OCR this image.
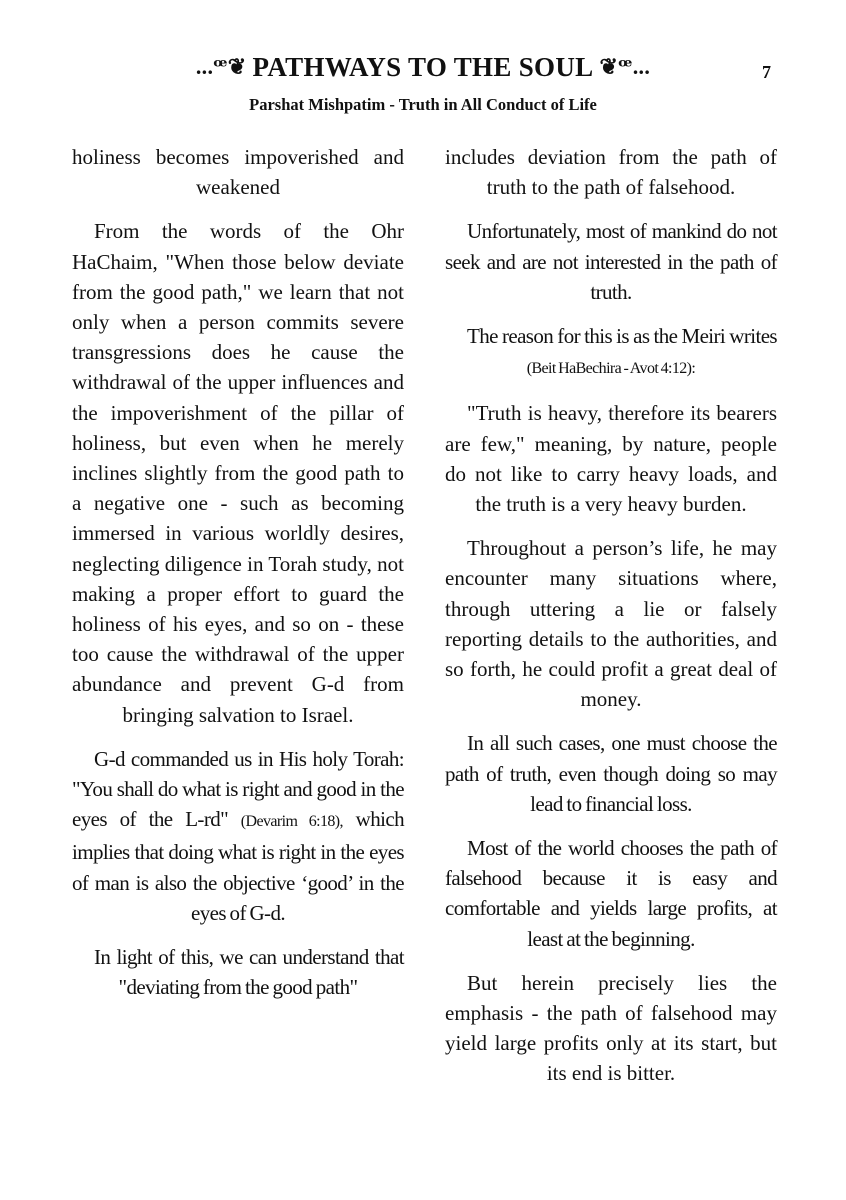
...ꟹ❦ PATHWAYS TO THE SOUL ❦ꟹ...	7
Parshat Mishpatim - Truth in All Conduct of Life

holiness becomes impoverished and weakened

From the words of the Ohr HaChaim, "When those below deviate from the good path," we learn that not only when a person commits severe transgressions does he cause the withdrawal of the upper influences and the impoverishment of the pillar of holiness, but even when he merely inclines slightly from the good path to a negative one - such as becoming immersed in various worldly desires, neglecting diligence in Torah study, not making a proper effort to guard the holiness of his eyes, and so on - these too cause the withdrawal of the upper abundance and prevent G-d from bringing salvation to Israel.

G-d commanded us in His holy Torah: "You shall do what is right and good in the eyes of the L-rd" (Devarim 6:18), which implies that doing what is right in the eyes of man is also the objective ‘good’ in the eyes of G-d.

In light of this, we can understand that "deviating from the good path"

includes deviation from the path of truth to the path of falsehood.

Unfortunately, most of mankind do not seek and are not interested in the path of truth.

The reason for this is as the Meiri writes (Beit HaBechira - Avot 4:12):

"Truth is heavy, therefore its bearers are few," meaning, by nature, people do not like to carry heavy loads, and the truth is a very heavy burden.

Throughout a person’s life, he may encounter many situations where, through uttering a lie or falsely reporting details to the authorities, and so forth, he could profit a great deal of money.

In all such cases, one must choose the path of truth, even though doing so may lead to financial loss.

Most of the world chooses the path of falsehood because it is easy and comfortable and yields large profits, at least at the beginning.

But herein precisely lies the emphasis - the path of falsehood may yield large profits only at its start, but its end is bitter.
